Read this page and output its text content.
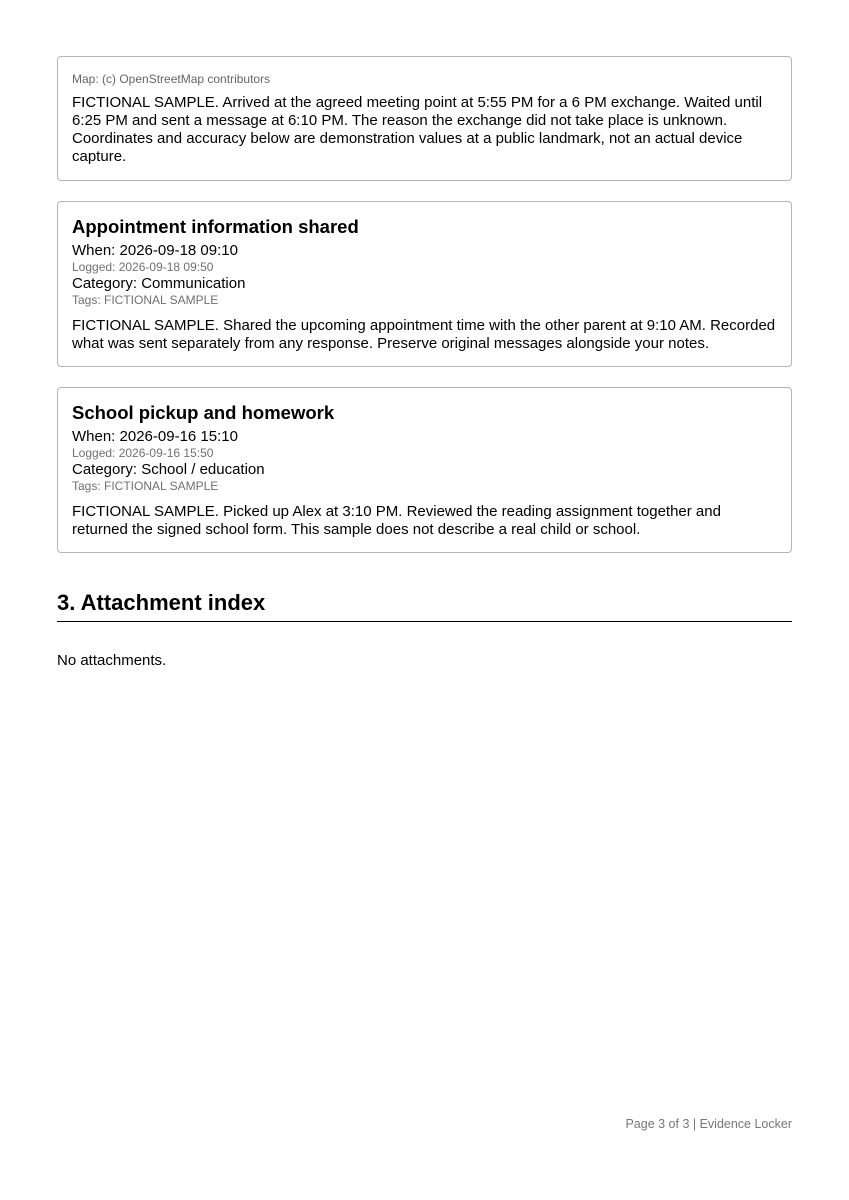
Map: (c) OpenStreetMap contributors
FICTIONAL SAMPLE. Arrived at the agreed meeting point at 5:55 PM for a 6 PM exchange. Waited until 6:25 PM and sent a message at 6:10 PM. The reason the exchange did not take place is unknown. Coordinates and accuracy below are demonstration values at a public landmark, not an actual device capture.
Appointment information shared
When: 2026-09-18 09:10
Logged: 2026-09-18 09:50
Category: Communication
Tags: FICTIONAL SAMPLE
FICTIONAL SAMPLE. Shared the upcoming appointment time with the other parent at 9:10 AM. Recorded what was sent separately from any response. Preserve original messages alongside your notes.
School pickup and homework
When: 2026-09-16 15:10
Logged: 2026-09-16 15:50
Category: School / education
Tags: FICTIONAL SAMPLE
FICTIONAL SAMPLE. Picked up Alex at 3:10 PM. Reviewed the reading assignment together and returned the signed school form. This sample does not describe a real child or school.
3. Attachment index
No attachments.
Page 3 of 3 | Evidence Locker
